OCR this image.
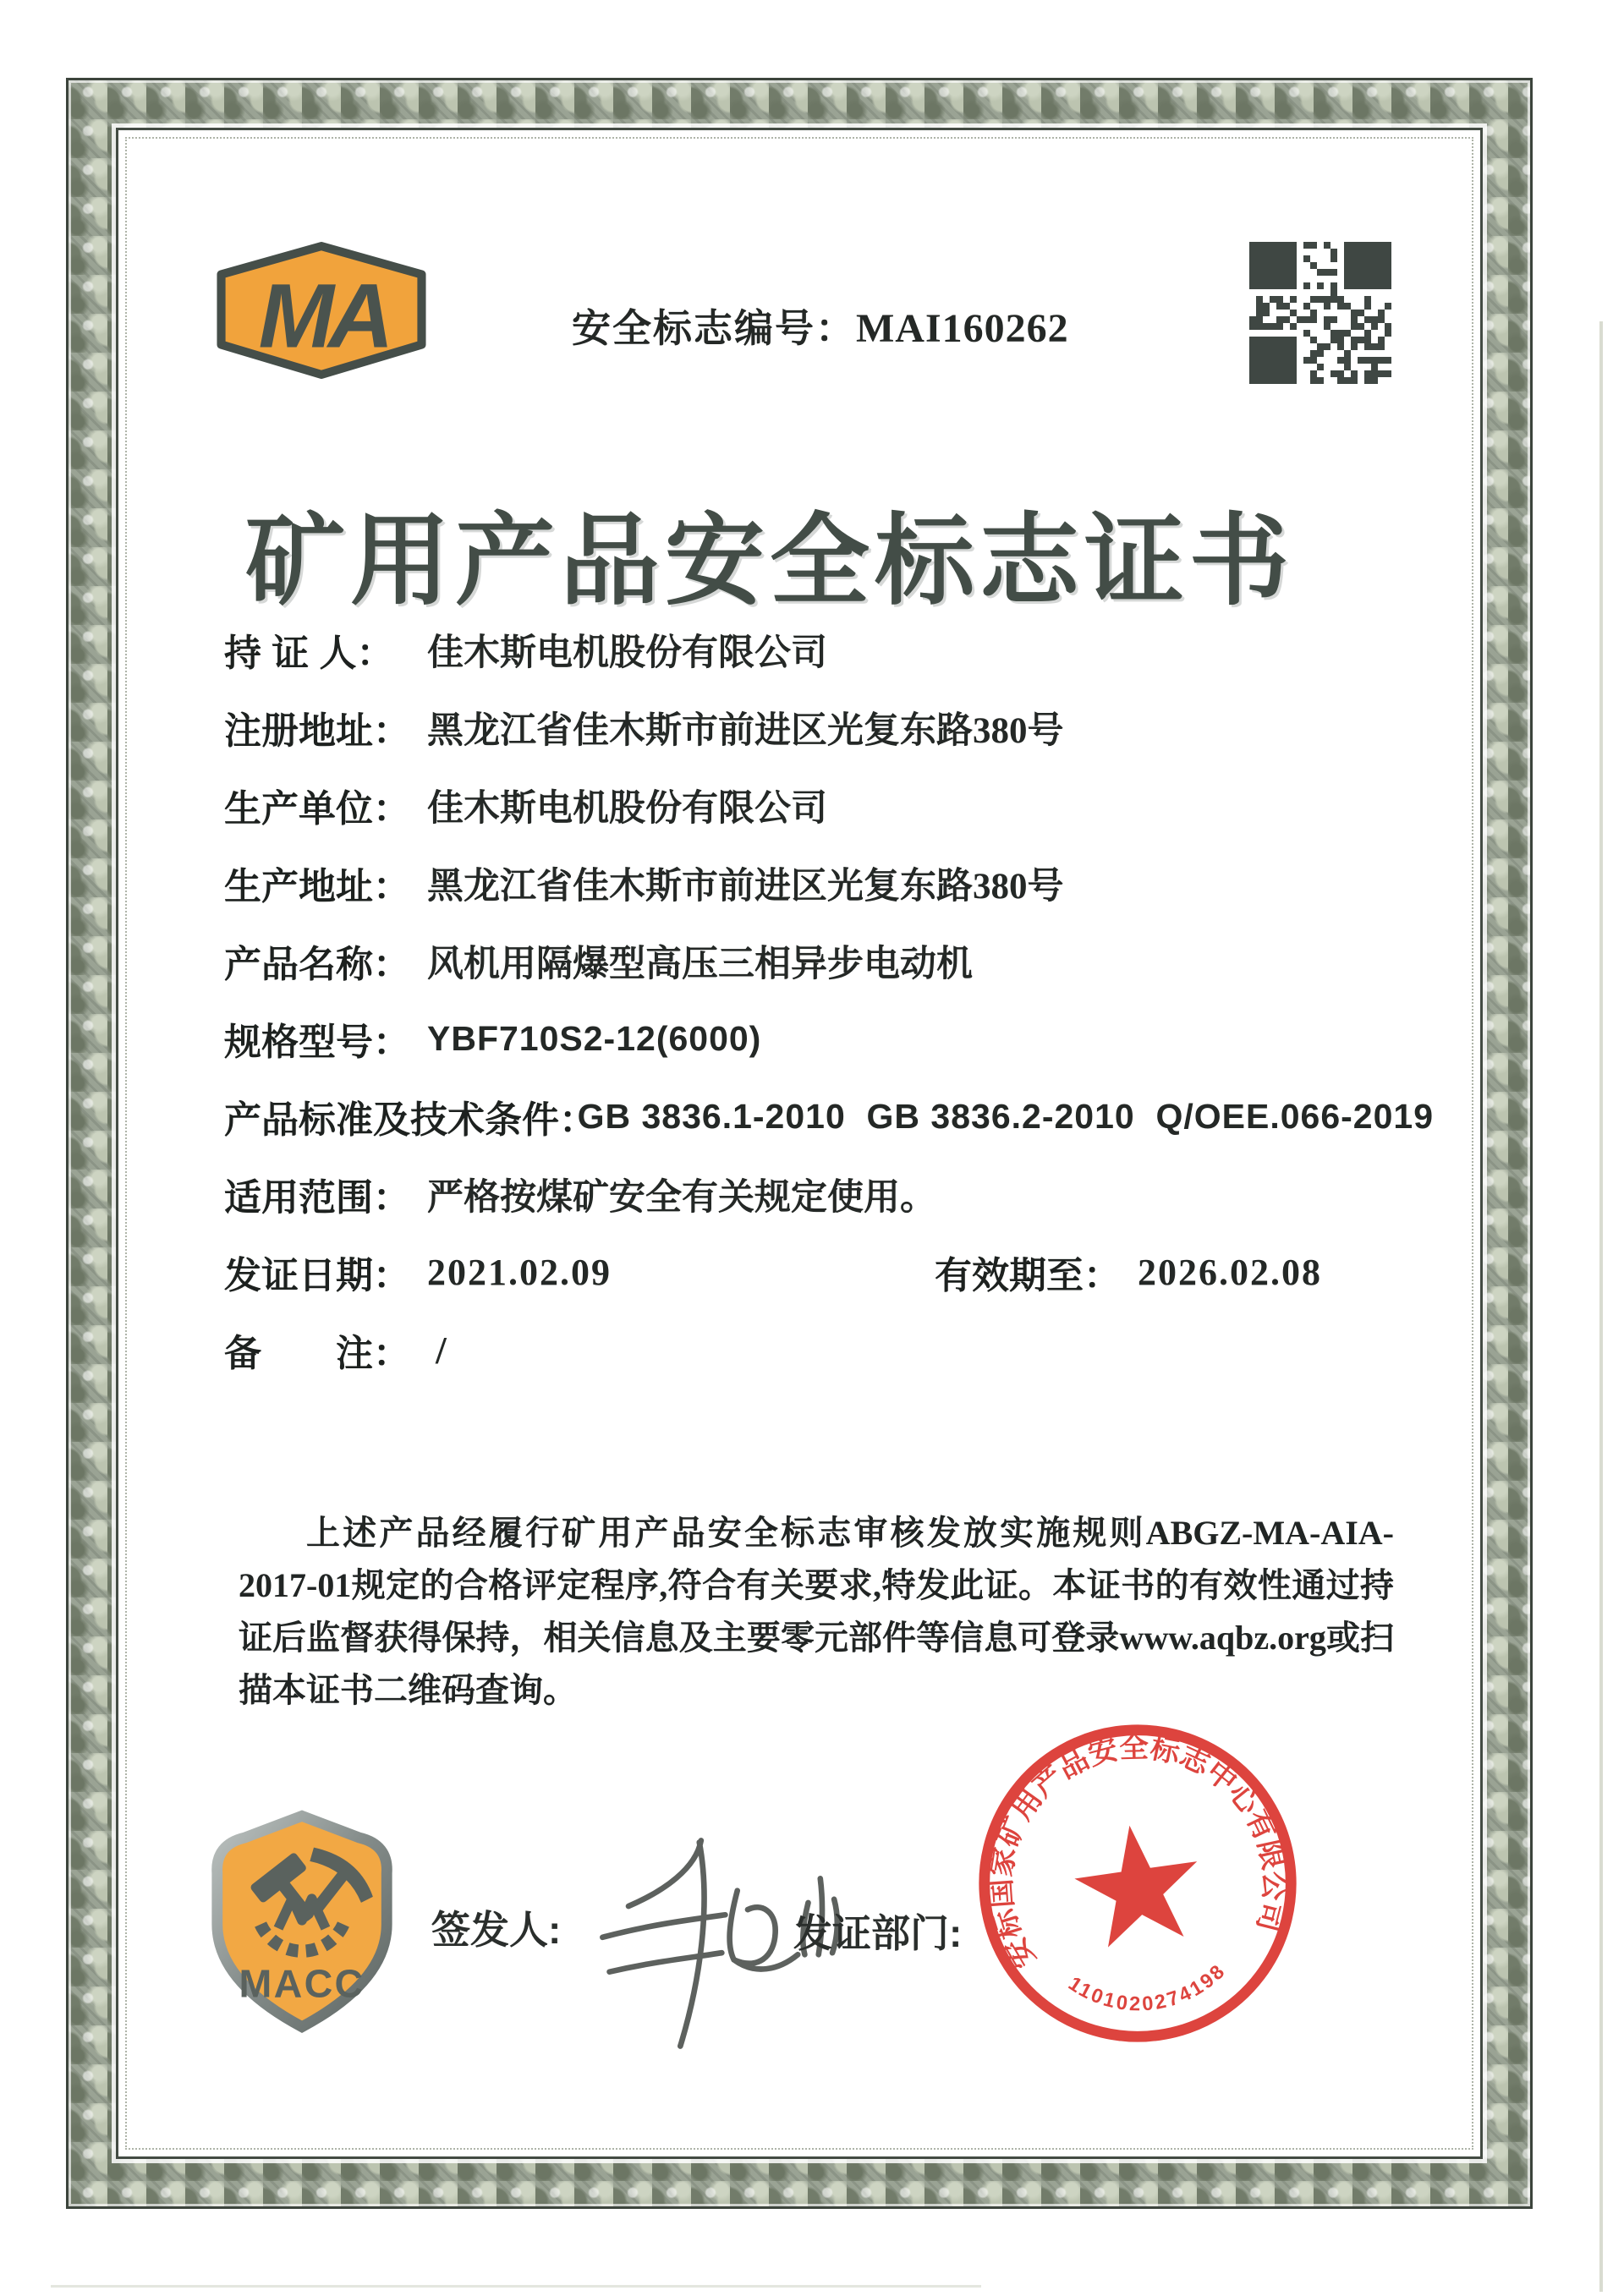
MA	安全标志编号：MAI160262
矿用产品安全标志证书
持 证 人： 佳木斯电机股份有限公司
注册地址： 黑龙江省佳木斯市前进区光复东路380号
生产单位： 佳木斯电机股份有限公司
生产地址： 黑龙江省佳木斯市前进区光复东路380号
产品名称： 风机用隔爆型高压三相异步电动机
规格型号： YBF710S2-12(6000)
产品标准及技术条件：
GB 3836.1-2010  GB 3836.2-2010  Q/OEE.066-2019
适用范围： 严格按煤矿安全有关规定使用。
发证日期： 2021.02.09	有效期至： 2026.02.08
备　　注： /

上述产品经履行矿用产品安全标志审核发放实施规则ABGZ-MA-AIA-2017-01规定的合格评定程序,符合有关要求,特发此证。本证书的有效性通过持证后监督获得保持，相关信息及主要零元部件等信息可登录www.aqbz.org或扫描本证书二维码查询。

MACC
签发人:	发证部门:	安标国家矿用产品安全标志中心有限公司
1101020274198
